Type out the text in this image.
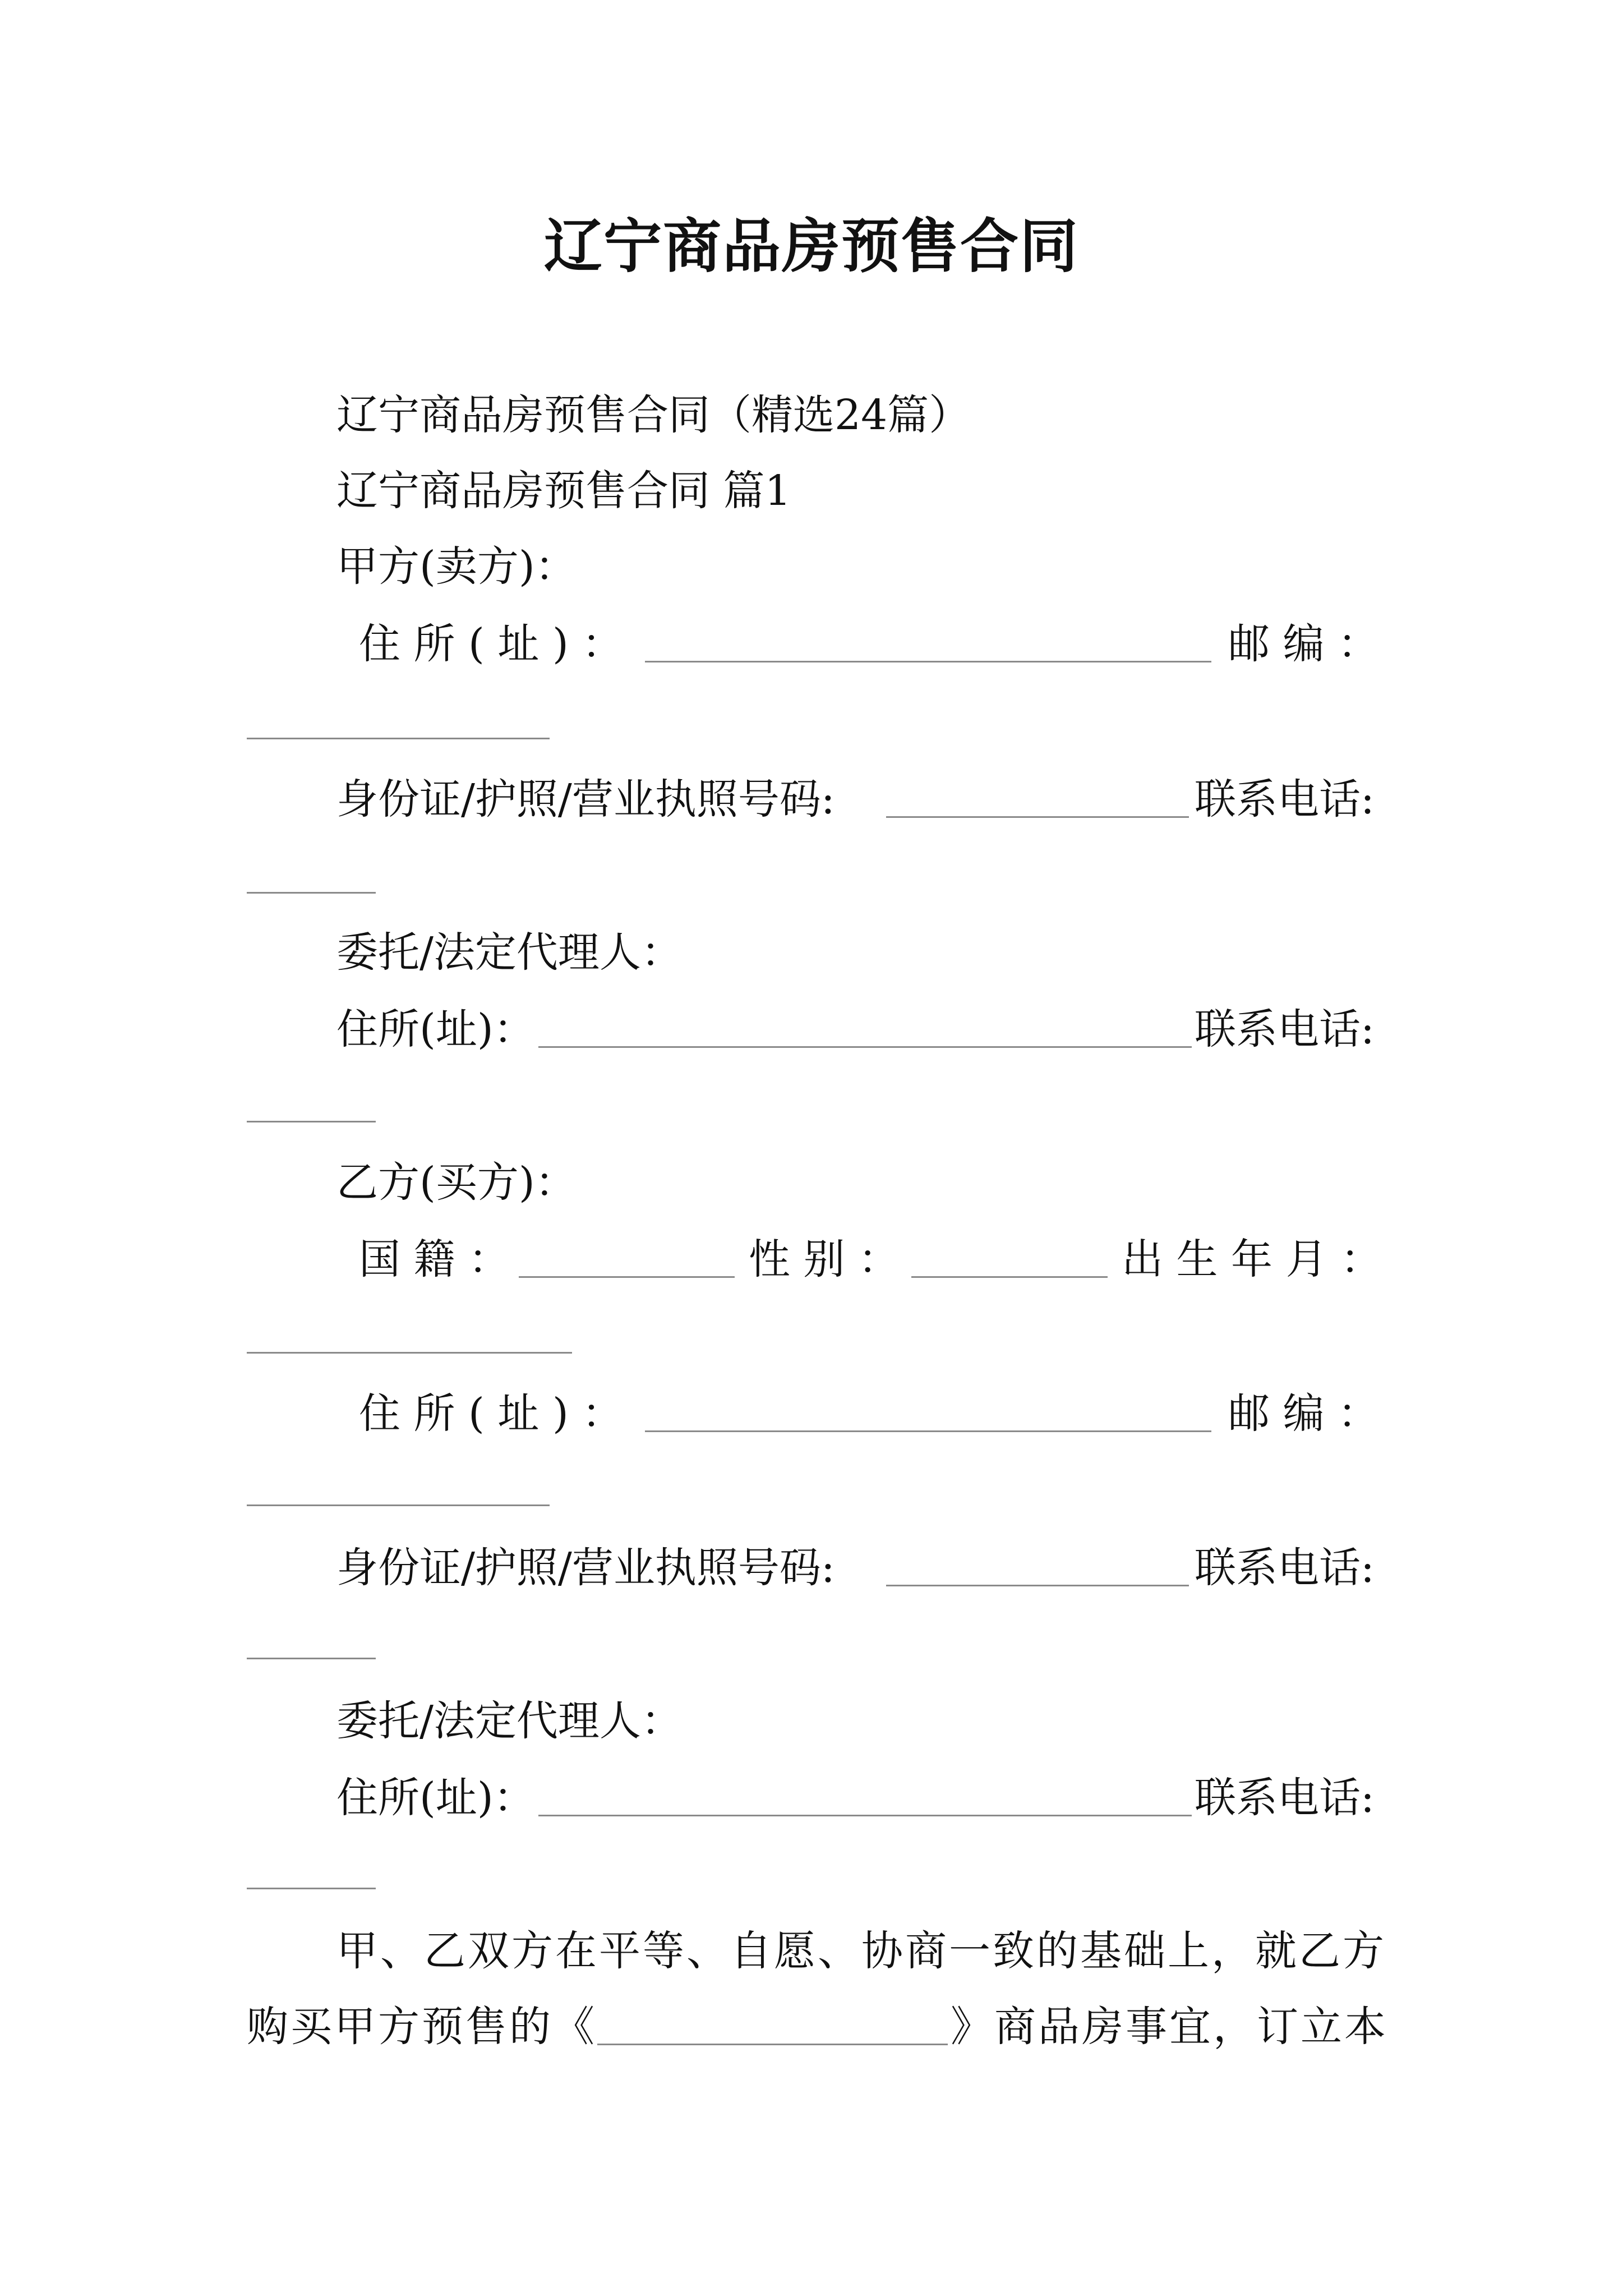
辽宁商品房预售合同
辽宁商品房预售合同（精选24篇）
辽宁商品房预售合同 篇1
甲方(卖方)：
住 所 ( 址 ) ：	邮 编 ：
身份证/护照/营业执照号码:	联系电话:
委托/法定代理人：
住所(址)：	联系电话:
乙方(买方)：
国 籍 ：	性 别 ：	出 生 年 月 ：
住 所 ( 址 ) ：	邮 编 ：
身份证/护照/营业执照号码:	联系电话:
委托/法定代理人：
住所(址)：	联系电话:
甲、乙双方在平等、自愿、协商一致的基础上，就乙方
购买甲方预售的《	》商品房事宜，订立本
